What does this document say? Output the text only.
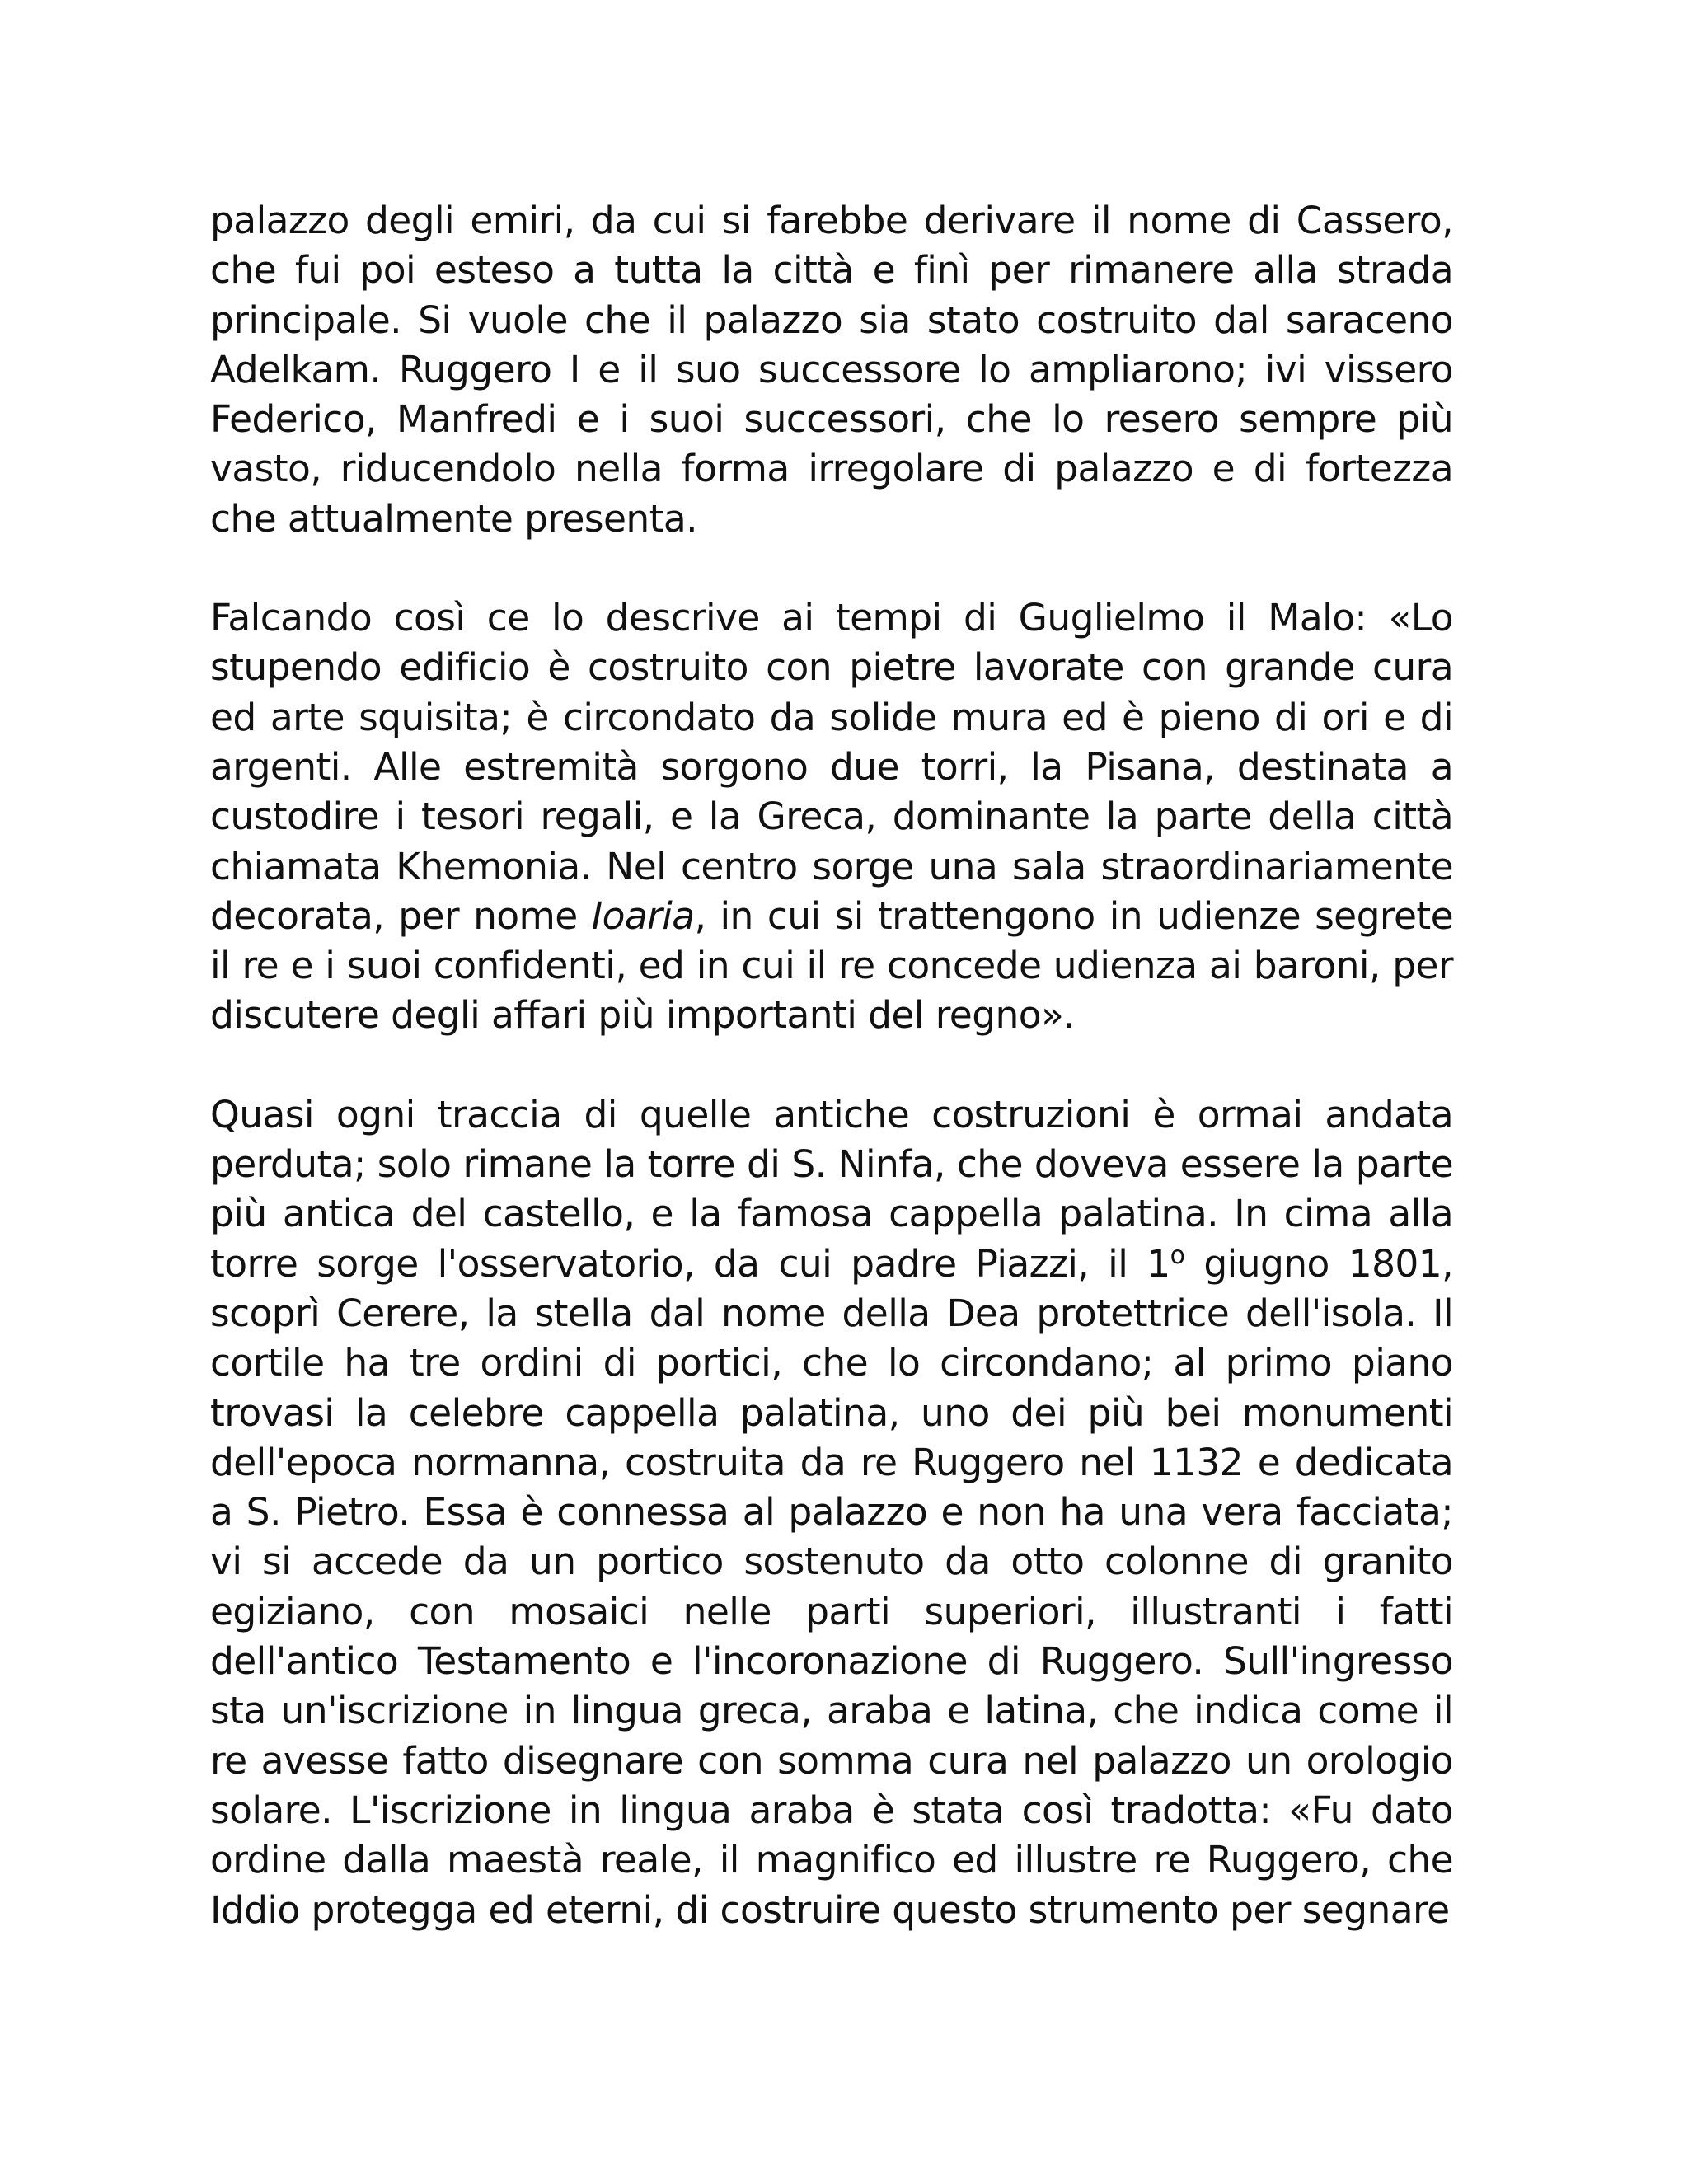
palazzo degli emiri, da cui si farebbe derivare il nome di Cassero, che fui poi esteso a tutta la città e finì per rimanere alla strada principale. Si vuole che il palazzo sia stato costruito dal saraceno Adelkam. Ruggero I e il suo successore lo ampliarono; ivi vissero Federico, Manfredi e i suoi successori, che lo resero sempre più vasto, riducendolo nella forma irregolare di palazzo e di fortezza che attualmente presenta.

Falcando così ce lo descrive ai tempi di Guglielmo il Malo: «Lo stupendo edificio è costruito con pietre lavorate con grande cura ed arte squisita; è circondato da solide mura ed è pieno di ori e di argenti. Alle estremità sorgono due torri, la Pisana, destinata a custodire i tesori regali, e la Greca, dominante la parte della città chiamata Khemonia. Nel centro sorge una sala straordinariamente decorata, per nome Ioaria, in cui si trattengono in udienze segrete il re e i suoi confidenti, ed in cui il re concede udienza ai baroni, per discutere degli affari più importanti del regno».

Quasi ogni traccia di quelle antiche costruzioni è ormai andata perduta; solo rimane la torre di S. Ninfa, che doveva essere la parte più antica del castello, e la famosa cappella palatina. In cima alla torre sorge l'osservatorio, da cui padre Piazzi, il 1$^o$ giugno 1801, scoprì Cerere, la stella dal nome della Dea protettrice dell'isola. Il cortile ha tre ordini di portici, che lo circondano; al primo piano trovasi la celebre cappella palatina, uno dei più bei monumenti dell'epoca normanna, costruita da re Ruggero nel 1132 e dedicata a S. Pietro. Essa è connessa al palazzo e non ha una vera facciata; vi si accede da un portico sostenuto da otto colonne di granito egiziano, con mosaici nelle parti superiori, illustranti i fatti dell'antico Testamento e l'incoronazione di Ruggero. Sull'ingresso sta un'iscrizione in lingua greca, araba e latina, che indica come il re avesse fatto disegnare con somma cura nel palazzo un orologio solare. L'iscrizione in lingua araba è stata così tradotta: «Fu dato ordine dalla maestà reale, il magnifico ed illustre re Ruggero, che Iddio protegga ed eterni, di costruire questo strumento per segnare
